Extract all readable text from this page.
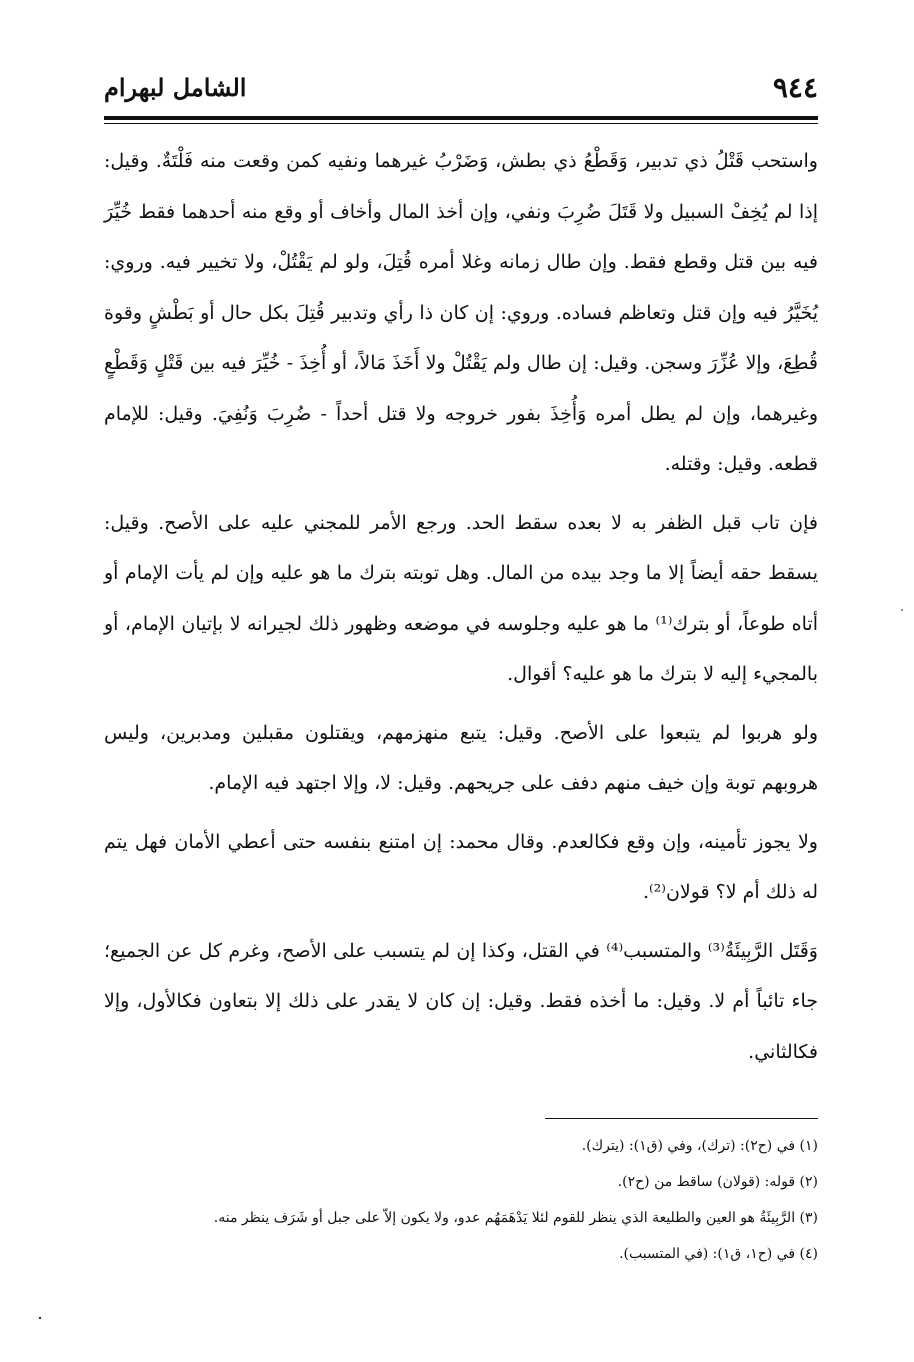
٩٤٤
الشامل لبهرام

واستحب قَتْلُ ذي تدبير، وَقَطْعُ ذي بطش، وَضَرْبُ غيرهما ونفيه كمن وقعت منه فَلْتَةٌ. وقيل: إذا لم يُخِفْ السبيل ولا قَتَلَ ضُرِبَ ونفي، وإن أخذ المال وأخاف أو وقع منه أحدهما فقط خُيِّرَ فيه بين قتل وقطع فقط. وإن طال زمانه وغلا أمره قُتِلَ، ولو لم يَقْتُلْ، ولا تخيير فيه. وروي: يُخَيَّرُ فيه وإن قتل وتعاظم فساده. وروي: إن كان ذا رأي وتدبير قُتِلَ بكل حال أو بَطْشٍ وقوة قُطِعَ، وإلا عُزِّرَ وسجن. وقيل: إن طال ولم يَقْتُلْ ولا أَخَذَ مَالاً، أو أُخِذَ - خُيِّرَ فيه بين قَتْلٍ وَقَطْعٍ وغيرهما، وإن لم يطل أمره وَأُخِذَ بفور خروجه ولا قتل أحداً - ضُرِبَ وَنُفِيَ. وقيل: للإمام قطعه. وقيل: وقتله.

فإن تاب قبل الظفر به لا بعده سقط الحد. ورجع الأمر للمجني عليه على الأصح. وقيل: يسقط حقه أيضاً إلا ما وجد بيده من المال. وهل توبته بترك ما هو عليه وإن لم يأت الإمام أو أتاه طوعاً، أو بترك⁽¹⁾ ما هو عليه وجلوسه في موضعه وظهور ذلك لجيرانه لا بإتيان الإمام، أو بالمجيء إليه لا بترك ما هو عليه؟ أقوال.

ولو هربوا لم يتبعوا على الأصح. وقيل: يتبع منهزمهم، ويقتلون مقبلين ومدبرين، وليس هروبهم توبة وإن خيف منهم دفف على جريحهم. وقيل: لا، وإلا اجتهد فيه الإمام.

ولا يجوز تأمينه، وإن وقع فكالعدم. وقال محمد: إن امتنع بنفسه حتى أعطي الأمان فهل يتم له ذلك أم لا؟ قولان⁽²⁾.

وَقَتَل الرَّبِيئَةُ⁽³⁾ والمتسبب⁽⁴⁾ في القتل، وكذا إن لم يتسبب على الأصح، وغرم كل عن الجميع؛ جاء تائباً أم لا. وقيل: ما أخذه فقط. وقيل: إن كان لا يقدر على ذلك إلا بتعاون فكالأول، وإلا فكالثاني.

(١) في (ح٢): (ترك)، وفي (ق١): (يترك).
(٢) قوله: (قولان) ساقط من (ح٢).
(٣) الرَّبِيئَةُ هو العين والطليعة الذي ينظر للقوم لئلا يَدْهَمَهُم عدو، ولا يكون إلاّ على جبل أو شَرَف ينظر منه.
(٤) في (ح١، ق١): (في المتسبب).
